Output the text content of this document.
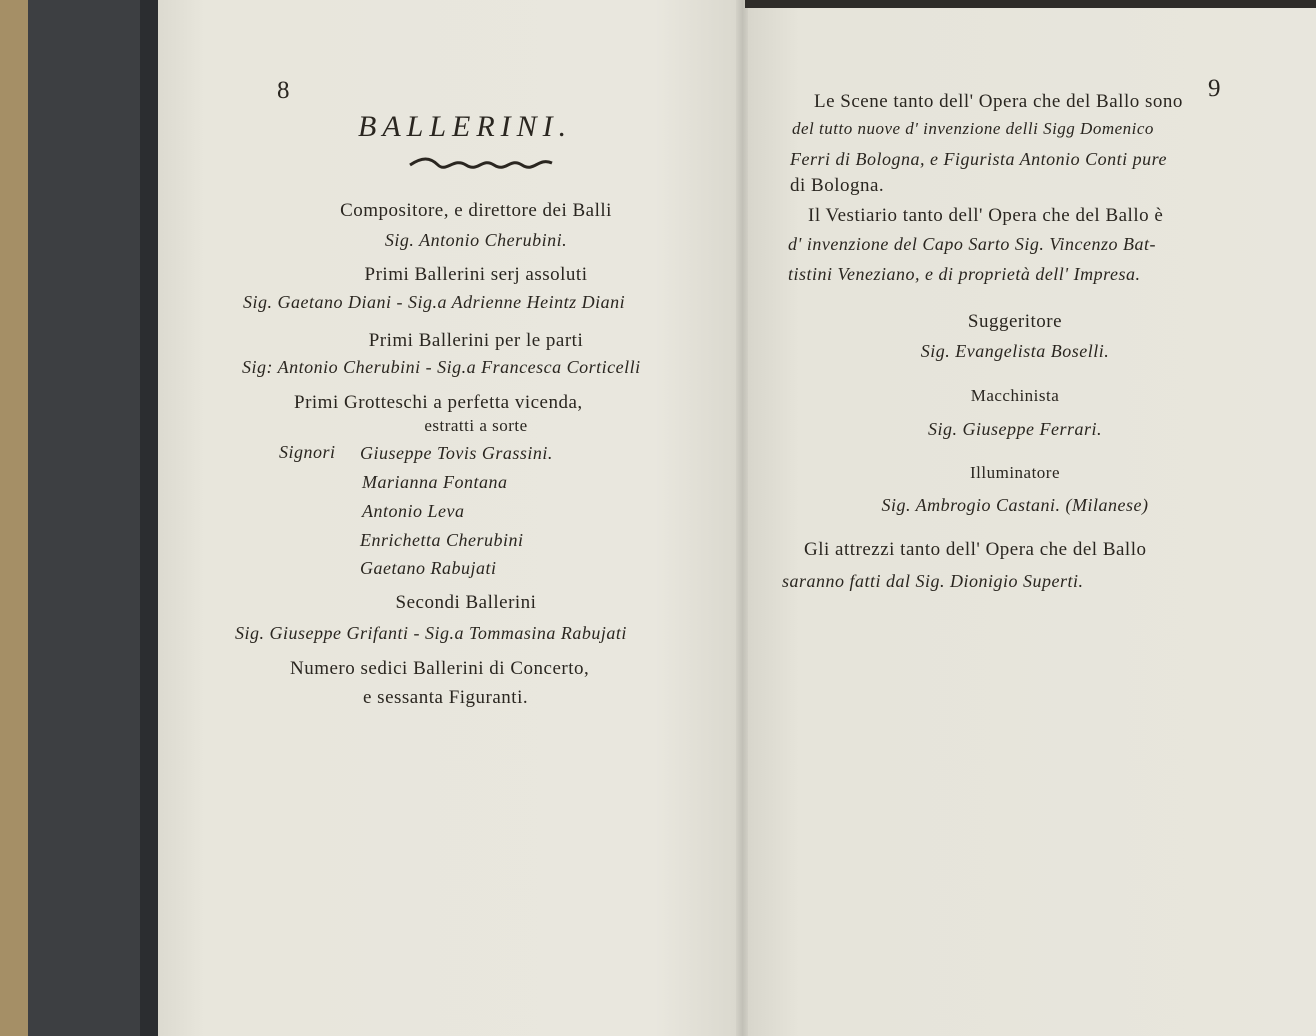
8
BALLERINI.
Compositore, e direttore dei Balli
Sig. Antonio Cherubini.
Primi Ballerini serj assoluti
Sig. Gaetano Diani - Sig.a Adrienne Heintz Diani
Primi Ballerini per le parti
Sig: Antonio Cherubini - Sig.a Francesca Corticelli
Primi Grotteschi a perfetta vicenda,
estratti a sorte
Signori Giuseppe Tovis Grassini.
Marianna Fontana
Antonio Leva
Enrichetta Cherubini
Gaetano Rabujati
Secondi Ballerini
Sig. Giuseppe Grifanti - Sig.a Tommasina Rabujati
Numero sedici Ballerini di Concerto,
e sessanta Figuranti.
9
Le Scene tanto dell' Opera che del Ballo sono
del tutto nuove d' invenzione delli Sigg Domenico
Ferri di Bologna, e Figurista Antonio Conti pure
di Bologna.
Il Vestiario tanto dell' Opera che del Ballo è
d' invenzione del Capo Sarto Sig. Vincenzo Bat-
tistini Veneziano, e di proprietà dell' Impresa.
Suggeritore
Sig. Evangelista Boselli.
Macchinista
Sig. Giuseppe Ferrari.
Illuminatore
Sig. Ambrogio Castani. (Milanese)
Gli attrezzi tanto dell' Opera che del Ballo
saranno fatti dal Sig. Dionigio Superti.
